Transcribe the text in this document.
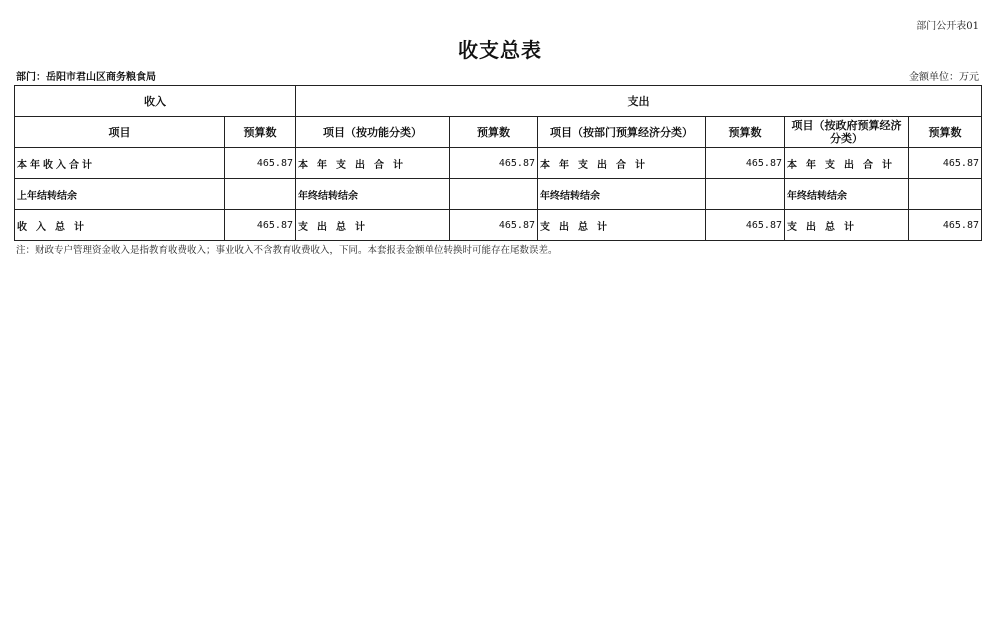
部门公开表01
收支总表
部门：岳阳市君山区商务粮食局	金额单位：万元
收入		支出					
项目	预算数	项目（按功能分类）	预算数	项目（按部门预算经济分类）	预算数	项目（按政府预算经济分类）	预算数
本年收入合计	465.87	本年支出合计	465.87	本年支出合计	465.87	本年支出合计	465.87
上年结转结余		年终结转结余		年终结转结余		年终结转结余	
收入总计	465.87	支出总计	465.87	支出总计	465.87	支出总计	465.87
注：财政专户管理资金收入是指教育收费收入；事业收入不含教育收费收入，下同。本套报表金额单位转换时可能存在尾数误差。
